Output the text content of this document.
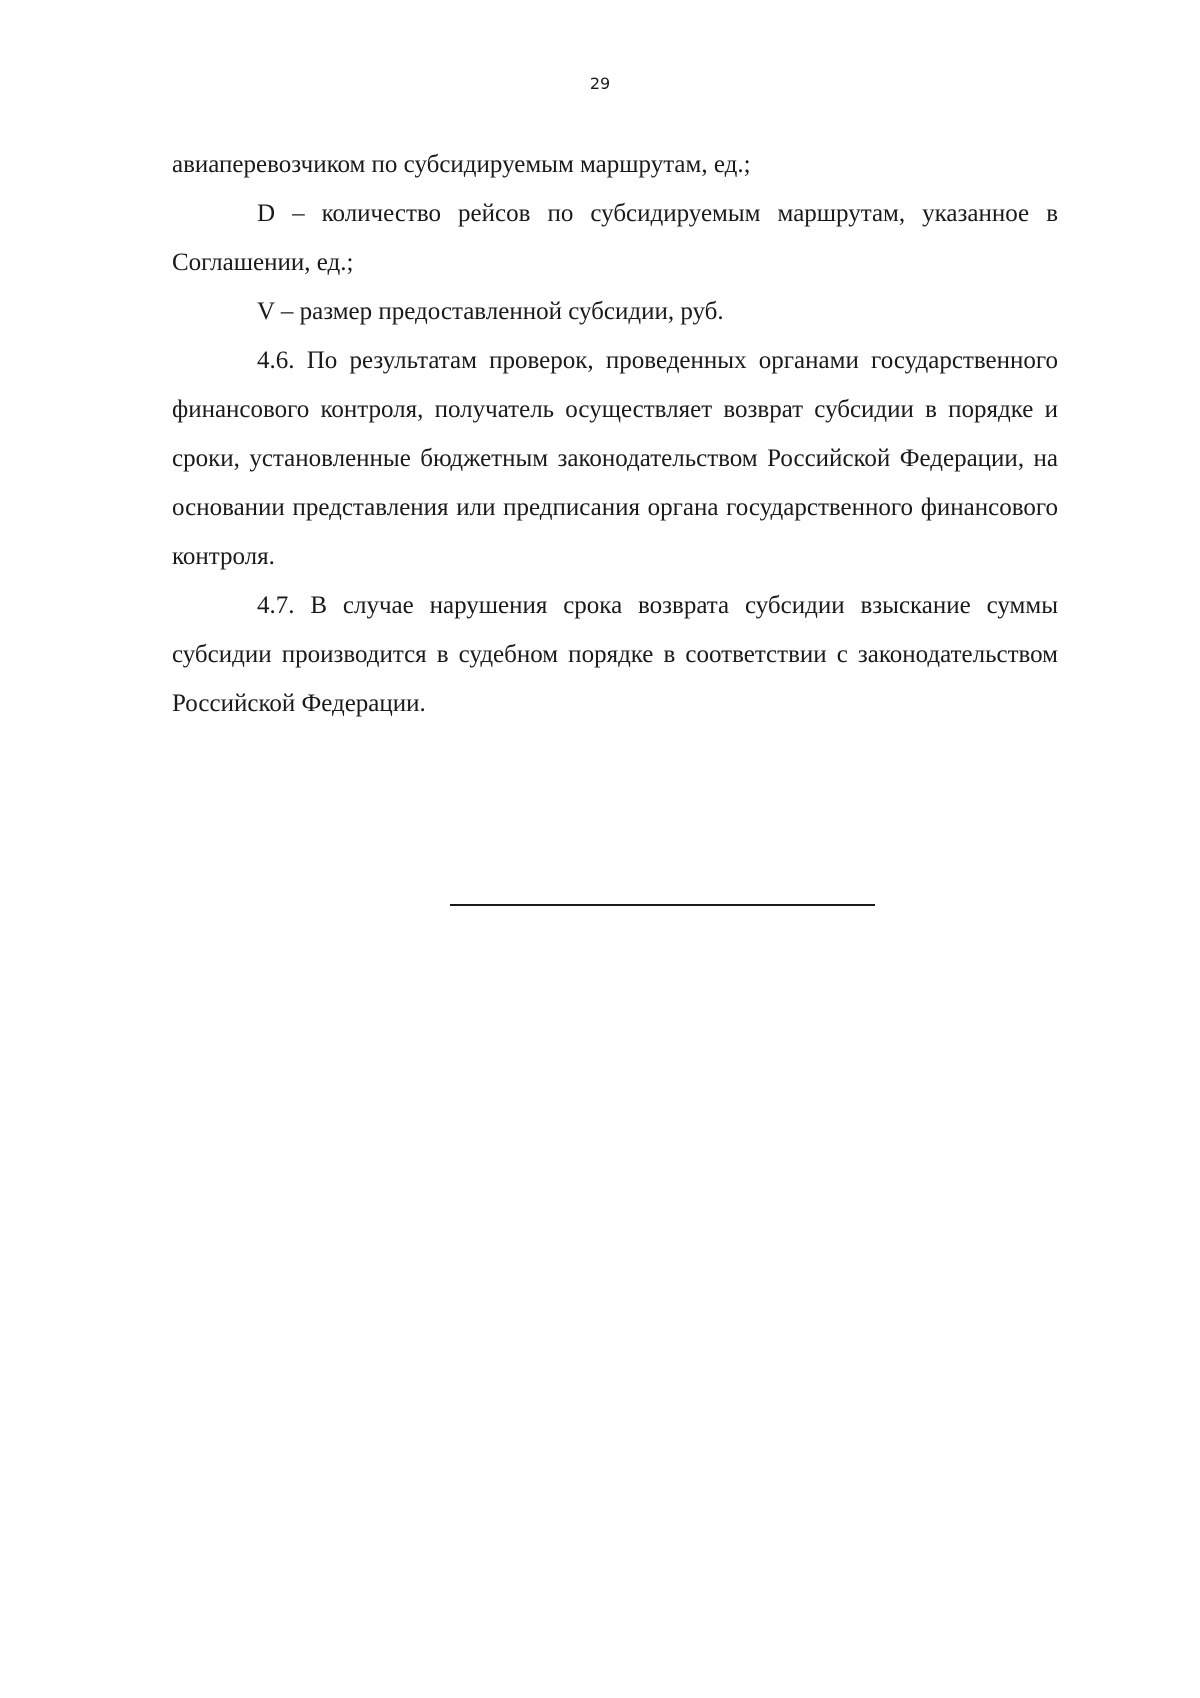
29

авиаперевозчиком по субсидируемым маршрутам, ед.;

D – количество рейсов по субсидируемым маршрутам, указанное в Соглашении, ед.;

V – размер предоставленной субсидии, руб.

4.6. По результатам проверок, проведенных органами государственного финансового контроля, получатель осуществляет возврат субсидии в порядке и сроки, установленные бюджетным законодательством Российской Федерации, на основании представления или предписания органа государственного финансового контроля.

4.7. В случае нарушения срока возврата субсидии взыскание суммы субсидии производится в судебном порядке в соответствии с законодательством Российской Федерации.
